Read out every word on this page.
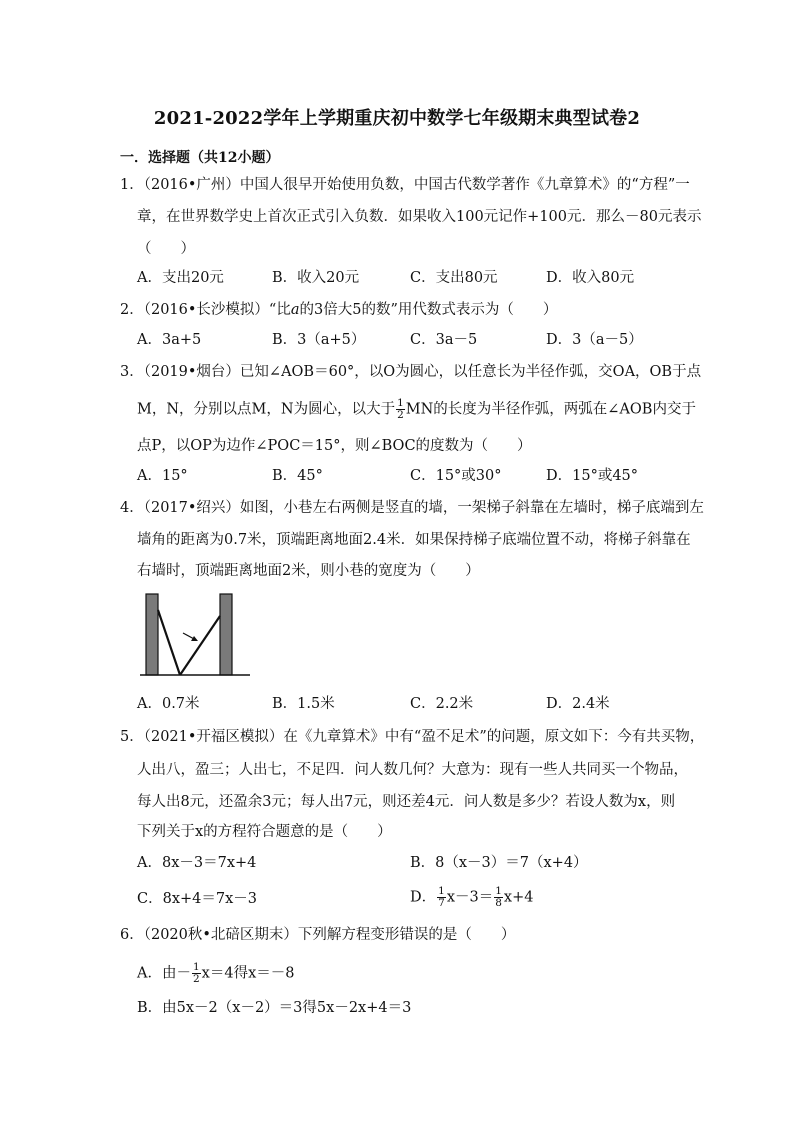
2021-2022学年上学期重庆初中数学七年级期末典型试卷2
一．选择题（共12小题）
1．（2016•广州）中国人很早开始使用负数，中国古代数学著作《九章算术》的“方程”一
章，在世界数学史上首次正式引入负数．如果收入100元记作+100元．那么－80元表示
（　　）
A．支出20元	B．收入20元	C．支出80元	D．收入80元
2．（2016•长沙模拟）“比a的3倍大5的数”用代数式表示为（　　）
A．3a+5	B．3（a+5）	C．3a－5	D．3（a－5）
3．（2019•烟台）已知∠AOB＝60°，以O为圆心，以任意长为半径作弧，交OA，OB于点
M，N，分别以点M，N为圆心，以大于 $\frac{1}{2}$ MN的长度为半径作弧，两弧在∠AOB内交于
点P，以OP为边作∠POC＝15°，则∠BOC的度数为（　　）
A．15°	B．45°	C．15°或30°	D．15°或45°
4．（2017•绍兴）如图，小巷左右两侧是竖直的墙，一架梯子斜靠在左墙时，梯子底端到左
墙角的距离为0.7米，顶端距离地面2.4米．如果保持梯子底端位置不动，将梯子斜靠在
右墙时，顶端距离地面2米，则小巷的宽度为（　　）
A．0.7米	B．1.5米	C．2.2米	D．2.4米
5．（2021•开福区模拟）在《九章算术》中有“盈不足术”的问题，原文如下：今有共买物，
人出八，盈三；人出七，不足四．问人数几何？大意为：现有一些人共同买一个物品，
每人出8元，还盈余3元；每人出7元，则还差4元．问人数是多少？若设人数为x，则
下列关于x的方程符合题意的是（　　）
A．8x－3＝7x+4	B．8（x－3）＝7（x+4）
C．8x+4＝7x－3	D． $\frac{1}{7} x-3= \frac{1}{8} x+4$
6．（2020秋•北碚区期末）下列解方程变形错误的是（　　）
A．由－ $\frac{1}{2} x=4$得x＝－8
B．由5x－2（x－2）＝3得5x－2x+4＝3
